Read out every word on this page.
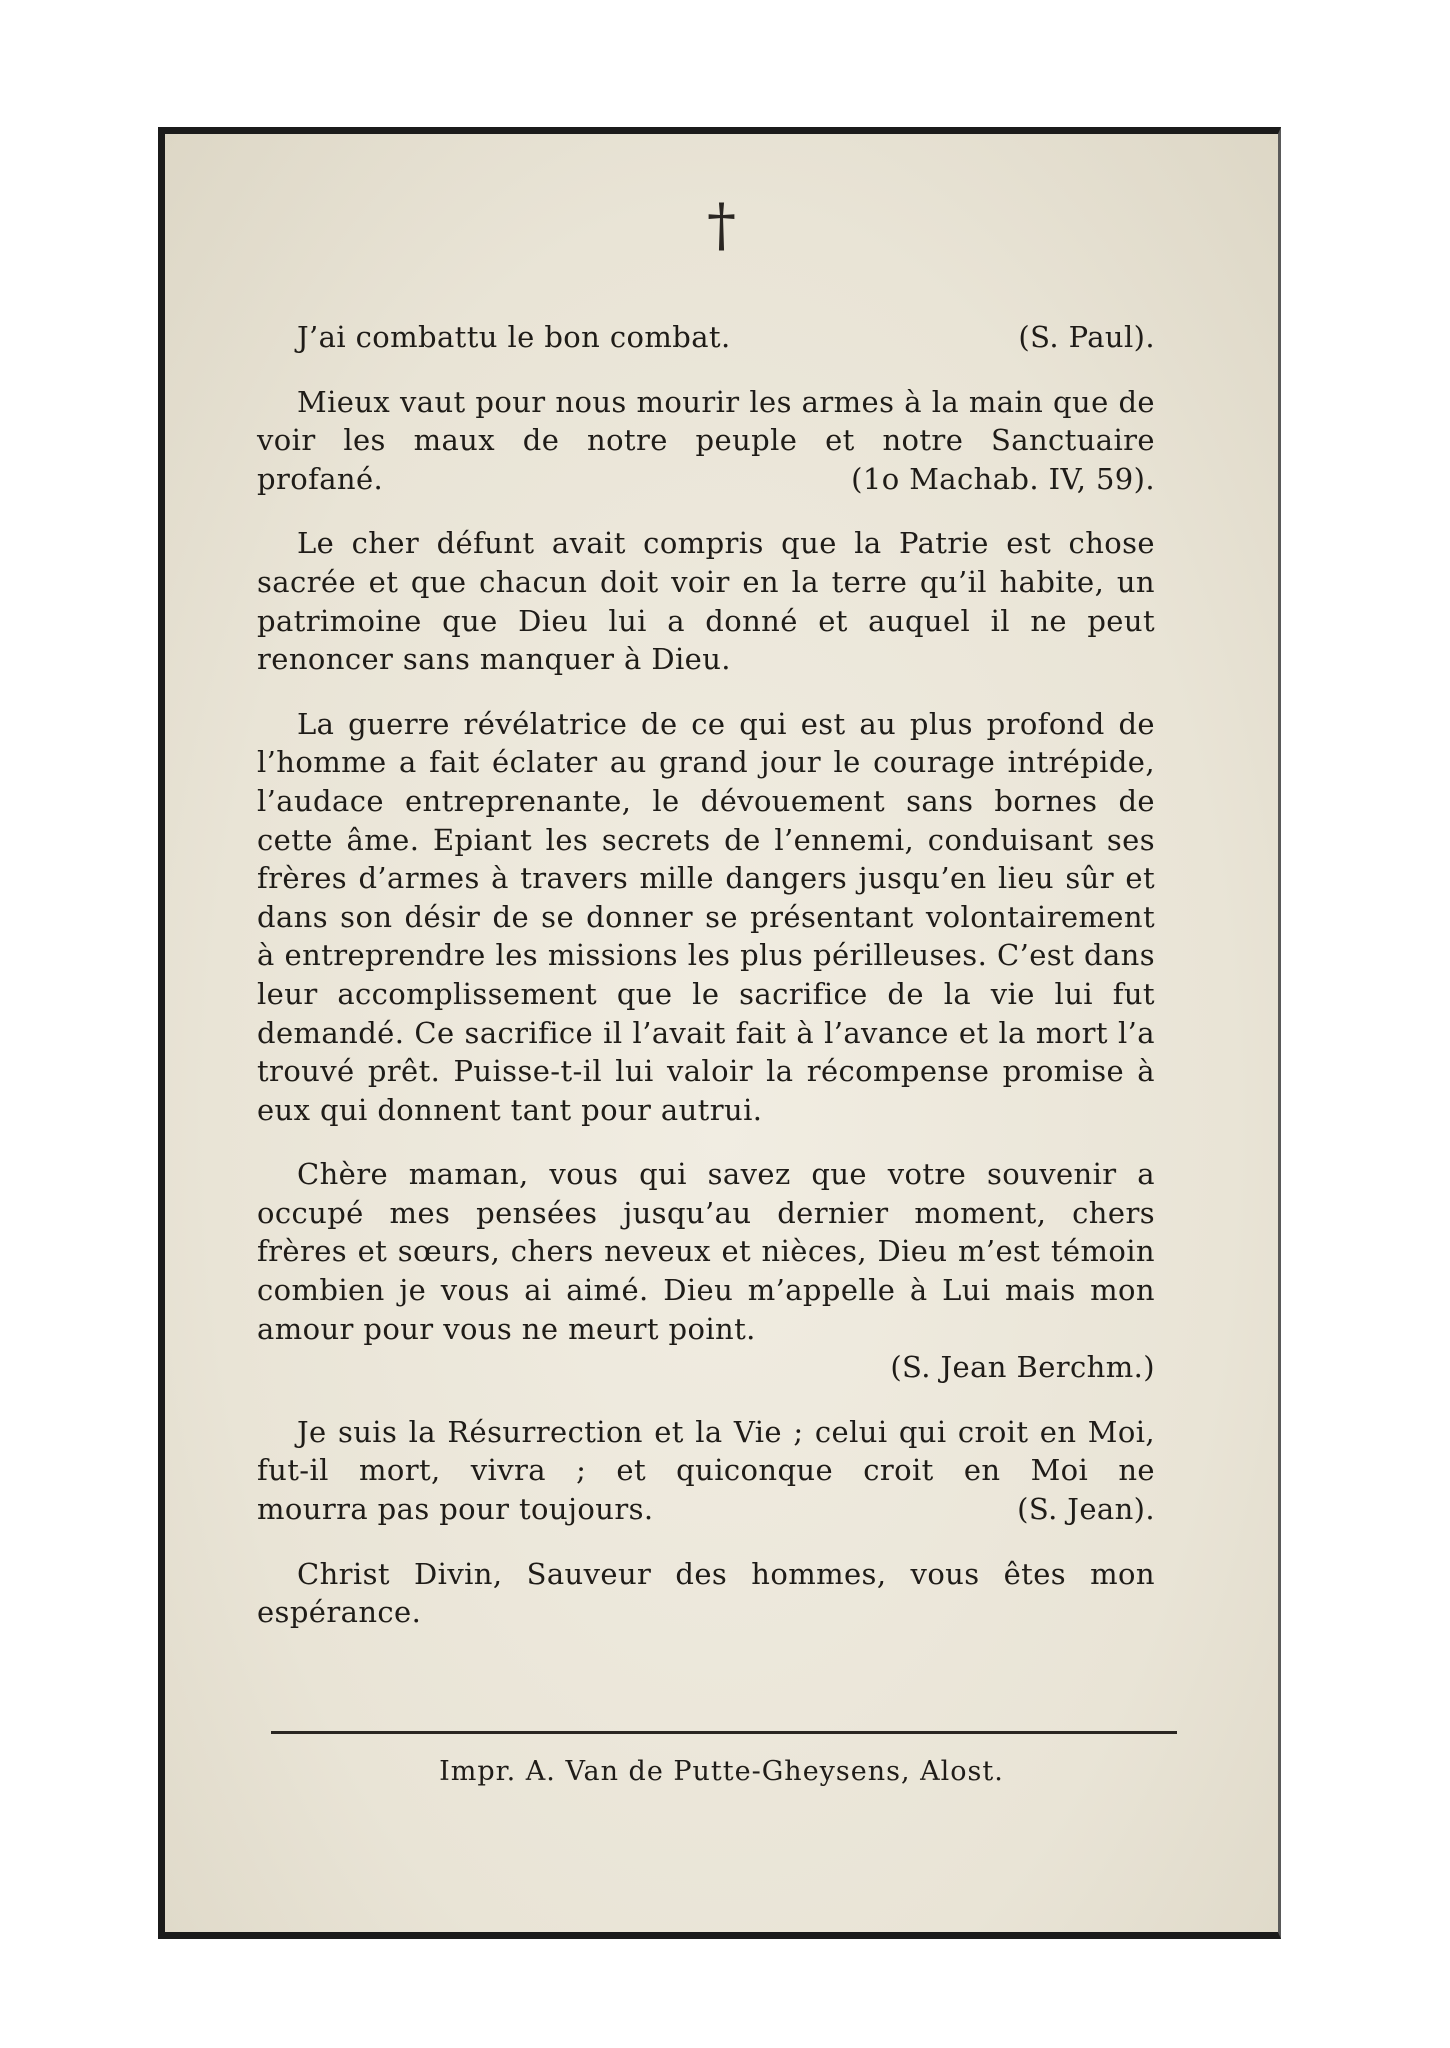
†
J’ai combattu le bon combat.	(S. Paul).

Mieux vaut pour nous mourir les armes à la main que de voir les maux de notre peuple et notre Sanctuaire

profané.	(1o Machab. IV, 59).

Le cher défunt avait compris que la Patrie est chose sacrée et que chacun doit voir en la terre qu’il habite, un patrimoine que Dieu lui a donné et auquel il ne peut renoncer sans manquer à Dieu.

La guerre révélatrice de ce qui est au plus profond de l’homme a fait éclater au grand jour le courage intrépide, l’audace entreprenante, le dévouement sans bornes de cette âme. Epiant les secrets de l’ennemi, conduisant ses frères d’armes à travers mille dangers jusqu’en lieu sûr et dans son désir de se donner se présentant volontairement à entreprendre les missions les plus périlleuses. C’est dans leur accomplissement que le sacrifice de la vie lui fut demandé. Ce sacrifice il l’avait fait à l’avance et la mort l’a trouvé prêt. Puisse-t-il lui valoir la récompense promise à eux qui donnent tant pour autrui.

Chère maman, vous qui savez que votre souvenir a occupé mes pensées jusqu’au dernier moment, chers frères et sœurs, chers neveux et nièces, Dieu m’est témoin combien je vous ai aimé. Dieu m’appelle à Lui mais mon amour pour vous ne meurt point.

(S. Jean Berchm.)

Je suis la Résurrection et la Vie ; celui qui croit en Moi, fut-il mort, vivra ; et quiconque croit en Moi ne

mourra pas pour toujours.	(S. Jean).

Christ Divin, Sauveur des hommes, vous êtes mon espérance.

Impr. A. Van de Putte-Gheysens, Alost.
